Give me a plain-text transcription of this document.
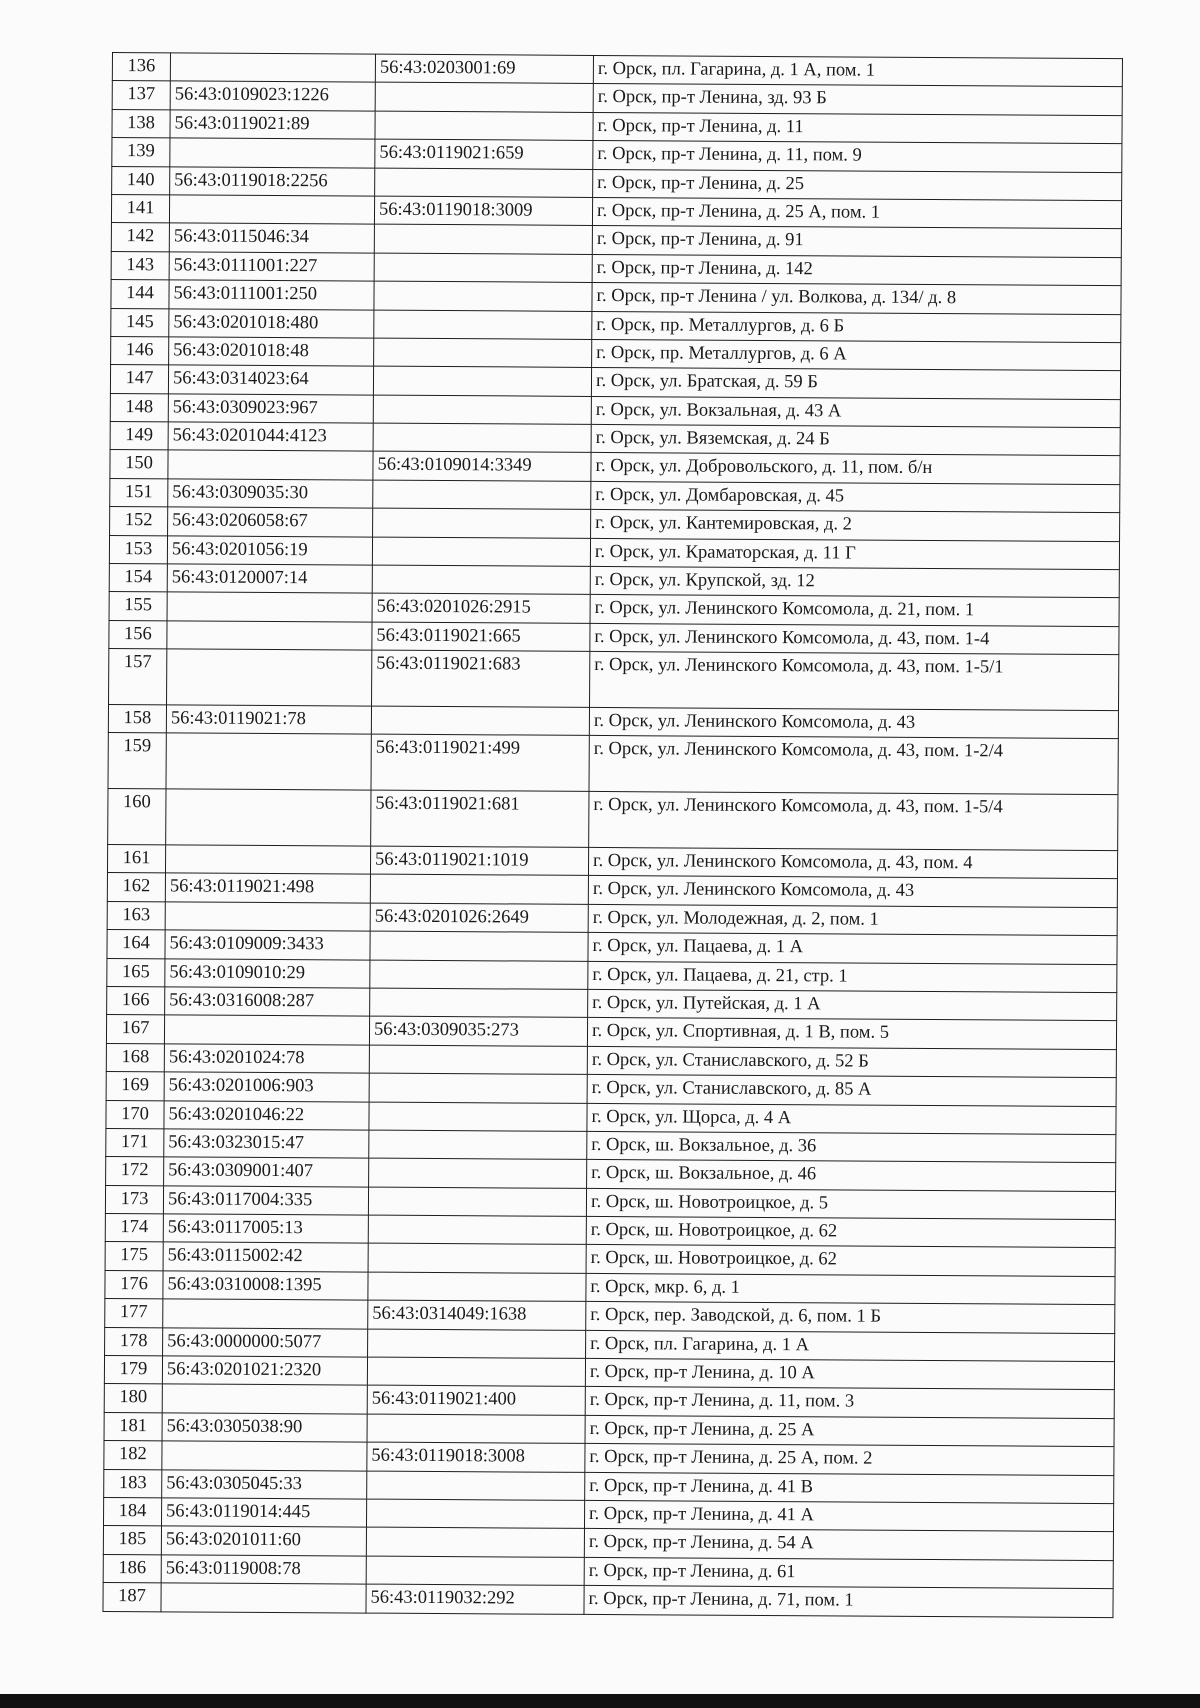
136		56:43:0203001:69	г. Орск, пл. Гагарина, д. 1 А, пом. 1
137	56:43:0109023:1226		г. Орск, пр-т Ленина, зд. 93 Б
138	56:43:0119021:89		г. Орск, пр-т Ленина, д. 11
139		56:43:0119021:659	г. Орск, пр-т Ленина, д. 11, пом. 9
140	56:43:0119018:2256		г. Орск, пр-т Ленина, д. 25
141		56:43:0119018:3009	г. Орск, пр-т Ленина, д. 25 А, пом. 1
142	56:43:0115046:34		г. Орск, пр-т Ленина, д. 91
143	56:43:0111001:227		г. Орск, пр-т Ленина, д. 142
144	56:43:0111001:250		г. Орск, пр-т Ленина / ул. Волкова, д. 134/ д. 8
145	56:43:0201018:480		г. Орск, пр. Металлургов, д. 6 Б
146	56:43:0201018:48		г. Орск, пр. Металлургов, д. 6 А
147	56:43:0314023:64		г. Орск, ул. Братская, д. 59 Б
148	56:43:0309023:967		г. Орск, ул. Вокзальная, д. 43 А
149	56:43:0201044:4123		г. Орск, ул. Вяземская, д. 24 Б
150		56:43:0109014:3349	г. Орск, ул. Добровольского, д. 11, пом. б/н
151	56:43:0309035:30		г. Орск, ул. Домбаровская, д. 45
152	56:43:0206058:67		г. Орск, ул. Кантемировская, д. 2
153	56:43:0201056:19		г. Орск, ул. Краматорская, д. 11 Г
154	56:43:0120007:14		г. Орск, ул. Крупской, зд. 12
155		56:43:0201026:2915	г. Орск, ул. Ленинского Комсомола, д. 21, пом. 1
156		56:43:0119021:665	г. Орск, ул. Ленинского Комсомола, д. 43, пом. 1-4
157		56:43:0119021:683	г. Орск, ул. Ленинского Комсомола, д. 43, пом. 1-5/1
158	56:43:0119021:78		г. Орск, ул. Ленинского Комсомола, д. 43
159		56:43:0119021:499	г. Орск, ул. Ленинского Комсомола, д. 43, пом. 1-2/4
160		56:43:0119021:681	г. Орск, ул. Ленинского Комсомола, д. 43, пом. 1-5/4
161		56:43:0119021:1019	г. Орск, ул. Ленинского Комсомола, д. 43, пом. 4
162	56:43:0119021:498		г. Орск, ул. Ленинского Комсомола, д. 43
163		56:43:0201026:2649	г. Орск, ул. Молодежная, д. 2, пом. 1
164	56:43:0109009:3433		г. Орск, ул. Пацаева, д. 1 А
165	56:43:0109010:29		г. Орск, ул. Пацаева, д. 21, стр. 1
166	56:43:0316008:287		г. Орск, ул. Путейская, д. 1 А
167		56:43:0309035:273	г. Орск, ул. Спортивная, д. 1 В, пом. 5
168	56:43:0201024:78		г. Орск, ул. Станиславского, д. 52 Б
169	56:43:0201006:903		г. Орск, ул. Станиславского, д. 85 А
170	56:43:0201046:22		г. Орск, ул. Щорса, д. 4 А
171	56:43:0323015:47		г. Орск, ш. Вокзальное, д. 36
172	56:43:0309001:407		г. Орск, ш. Вокзальное, д. 46
173	56:43:0117004:335		г. Орск, ш. Новотроицкое, д. 5
174	56:43:0117005:13		г. Орск, ш. Новотроицкое, д. 62
175	56:43:0115002:42		г. Орск, ш. Новотроицкое, д. 62
176	56:43:0310008:1395		г. Орск, мкр. 6, д. 1
177		56:43:0314049:1638	г. Орск, пер. Заводской, д. 6, пом. 1 Б
178	56:43:0000000:5077		г. Орск, пл. Гагарина, д. 1 А
179	56:43:0201021:2320		г. Орск, пр-т Ленина, д. 10 А
180		56:43:0119021:400	г. Орск, пр-т Ленина, д. 11, пом. 3
181	56:43:0305038:90		г. Орск, пр-т Ленина, д. 25 А
182		56:43:0119018:3008	г. Орск, пр-т Ленина, д. 25 А, пом. 2
183	56:43:0305045:33		г. Орск, пр-т Ленина, д. 41 В
184	56:43:0119014:445		г. Орск, пр-т Ленина, д. 41 А
185	56:43:0201011:60		г. Орск, пр-т Ленина, д. 54 А
186	56:43:0119008:78		г. Орск, пр-т Ленина, д. 61
187		56:43:0119032:292	г. Орск, пр-т Ленина, д. 71, пом. 1
